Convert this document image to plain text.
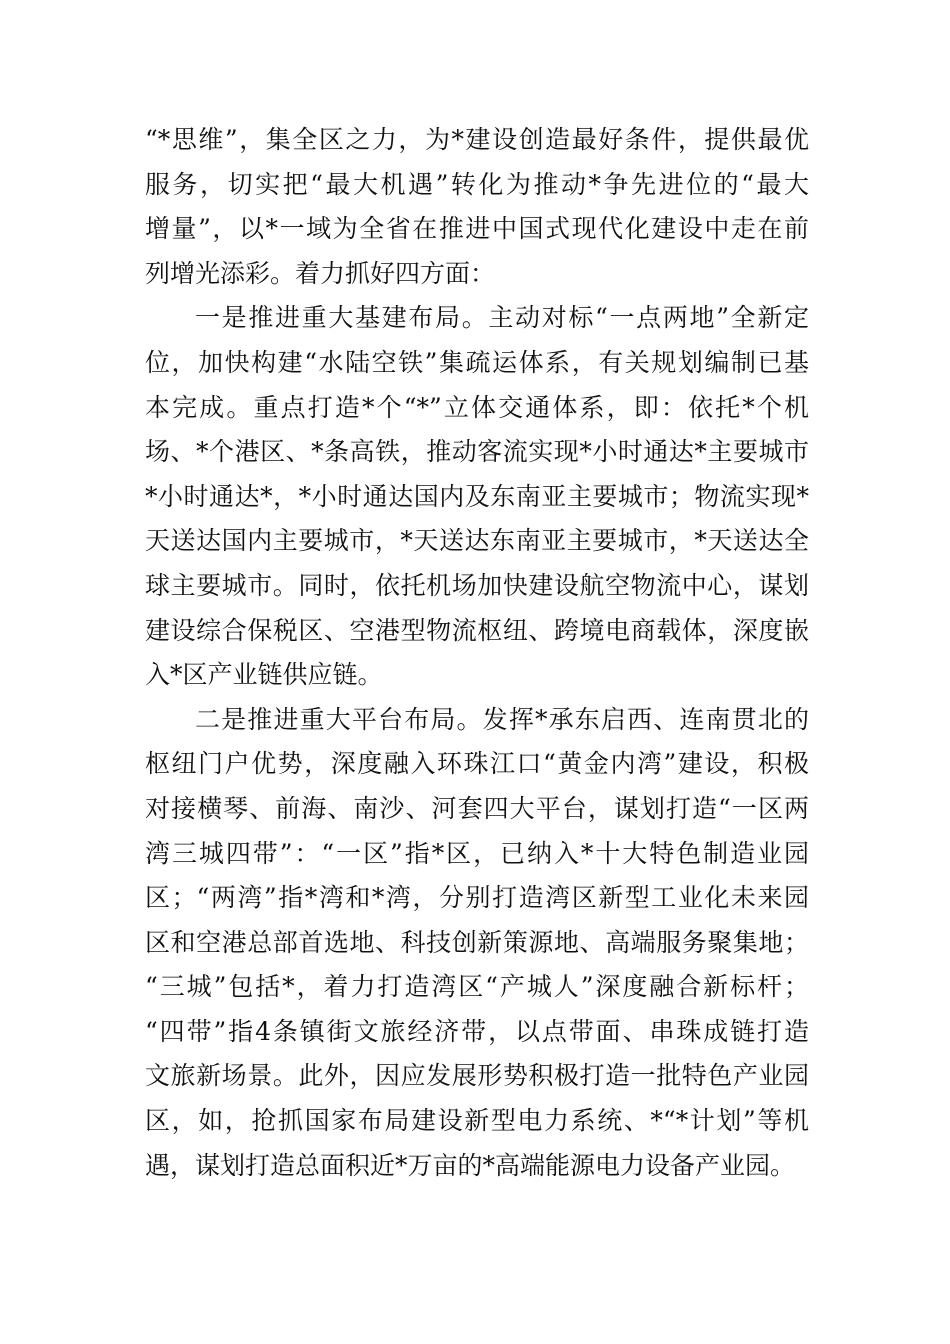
“*思维”，集全区之力，为*建设创造最好条件，提供最优
服务，切实把“最大机遇”转化为推动*争先进位的“最大
增量”，以*一域为全省在推进中国式现代化建设中走在前
列增光添彩。着力抓好四方面：
一是推进重大基建布局。主动对标“一点两地”全新定
位，加快构建“水陆空铁”集疏运体系，有关规划编制已基
本完成。重点打造*个“*”立体交通体系，即：依托*个机
场、*个港区、*条高铁，推动客流实现*小时通达*主要城市
*小时通达*，*小时通达国内及东南亚主要城市；物流实现*
天送达国内主要城市，*天送达东南亚主要城市，*天送达全
球主要城市。同时，依托机场加快建设航空物流中心，谋划
建设综合保税区、空港型物流枢纽、跨境电商载体，深度嵌
入*区产业链供应链。
二是推进重大平台布局。发挥*承东启西、连南贯北的
枢纽门户优势，深度融入环珠江口“黄金内湾”建设，积极
对接横琴、前海、南沙、河套四大平台，谋划打造“一区两
湾三城四带”：“一区”指*区，已纳入*十大特色制造业园
区；“两湾”指*湾和*湾，分别打造湾区新型工业化未来园
区和空港总部首选地、科技创新策源地、高端服务聚集地；
“三城”包括*，着力打造湾区“产城人”深度融合新标杆；
“四带”指4条镇街文旅经济带，以点带面、串珠成链打造
文旅新场景。此外，因应发展形势积极打造一批特色产业园
区，如，抢抓国家布局建设新型电力系统、*“*计划”等机
遇，谋划打造总面积近*万亩的*高端能源电力设备产业园。
